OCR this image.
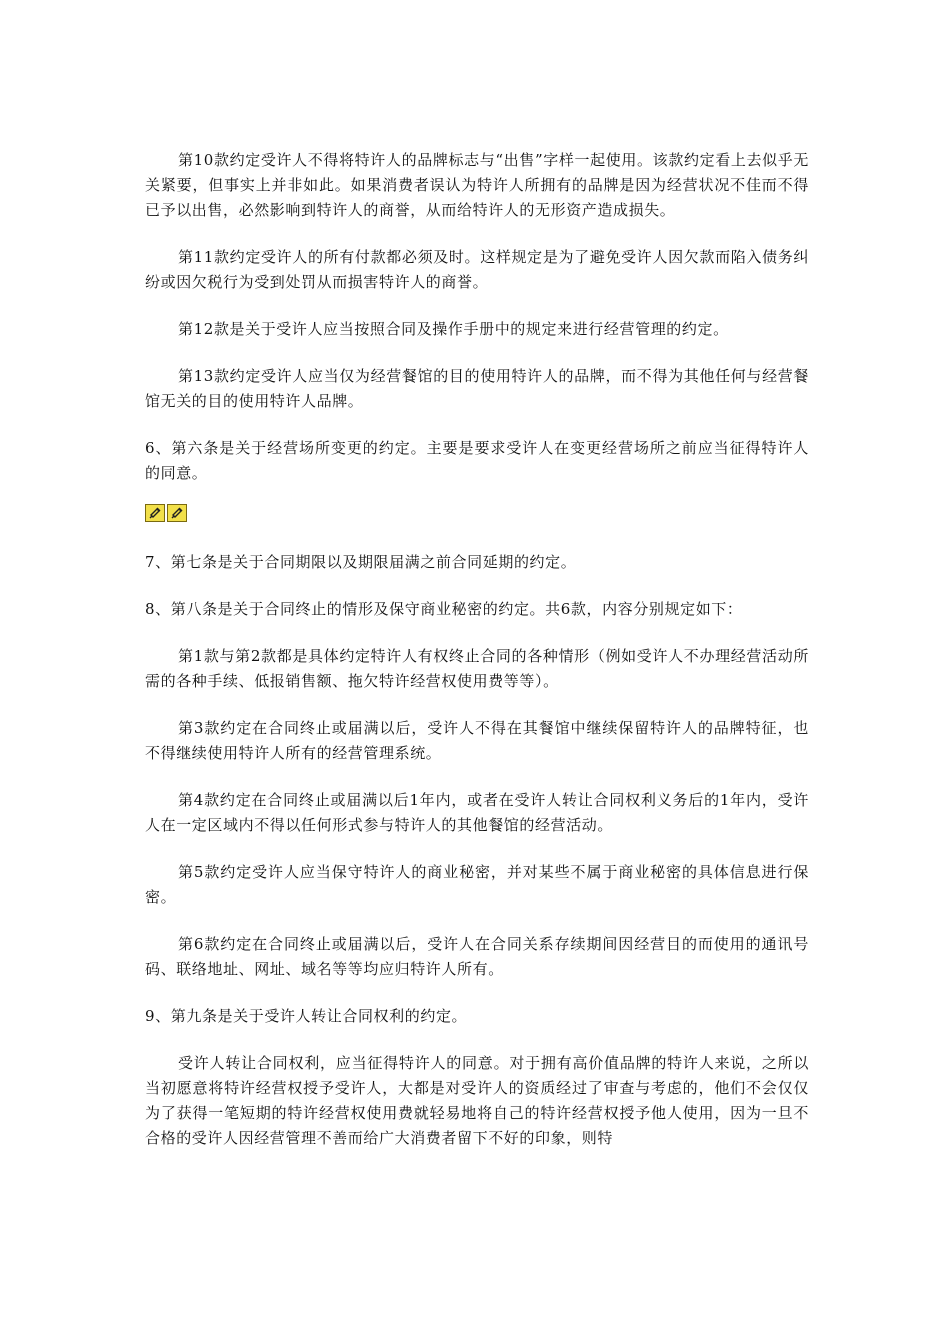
第10款约定受许人不得将特许人的品牌标志与“出售”字样一起使用。该款约定看上去似乎无关紧要，但事实上并非如此。如果消费者误认为特许人所拥有的品牌是因为经营状况不佳而不得已予以出售，必然影响到特许人的商誉，从而给特许人的无形资产造成损失。

第11款约定受许人的所有付款都必须及时。这样规定是为了避免受许人因欠款而陷入债务纠纷或因欠税行为受到处罚从而损害特许人的商誉。

第12款是关于受许人应当按照合同及操作手册中的规定来进行经营管理的约定。

第13款约定受许人应当仅为经营餐馆的目的使用特许人的品牌，而不得为其他任何与经营餐馆无关的目的使用特许人品牌。

6、第六条是关于经营场所变更的约定。主要是要求受许人在变更经营场所之前应当征得特许人的同意。

7、第七条是关于合同期限以及期限届满之前合同延期的约定。

8、第八条是关于合同终止的情形及保守商业秘密的约定。共6款，内容分别规定如下：

第1款与第2款都是具体约定特许人有权终止合同的各种情形（例如受许人不办理经营活动所需的各种手续、低报销售额、拖欠特许经营权使用费等等）。

第3款约定在合同终止或届满以后，受许人不得在其餐馆中继续保留特许人的品牌特征，也不得继续使用特许人所有的经营管理系统。

第4款约定在合同终止或届满以后1年内，或者在受许人转让合同权利义务后的1年内，受许人在一定区域内不得以任何形式参与特许人的其他餐馆的经营活动。

第5款约定受许人应当保守特许人的商业秘密，并对某些不属于商业秘密的具体信息进行保密。

第6款约定在合同终止或届满以后，受许人在合同关系存续期间因经营目的而使用的通讯号码、联络地址、网址、域名等等均应归特许人所有。

9、第九条是关于受许人转让合同权利的约定。

受许人转让合同权利，应当征得特许人的同意。对于拥有高价值品牌的特许人来说，之所以当初愿意将特许经营权授予受许人，大都是对受许人的资质经过了审查与考虑的，他们不会仅仅为了获得一笔短期的特许经营权使用费就轻易地将自己的特许经营权授予他人使用，因为一旦不合格的受许人因经营管理不善而给广大消费者留下不好的印象，则特
